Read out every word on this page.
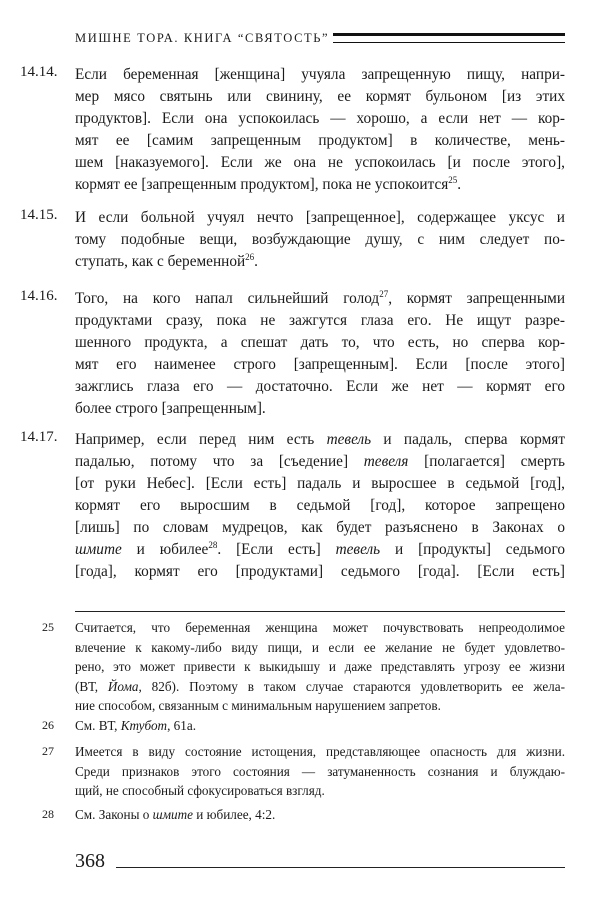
МИШНЕ ТОРА. КНИГА “СВЯТОСТЬ”
14.14. Если беременная [женщина] учуяла запрещенную пищу, напри-
мер мясо святынь или свинину, ее кормят бульоном [из этих
продуктов]. Если она успокоилась — хорошо, а если нет — кор-
мят ее [самим запрещенным продуктом] в количестве, мень-
шем [наказуемого]. Если же она не успокоилась [и после этого],
кормят ее [запрещенным продуктом], пока не успокоится$^{25}$.
14.15. И если больной учуял нечто [запрещенное], содержащее уксус и
тому подобные вещи, возбуждающие душу, с ним следует по-
ступать, как с беременной$^{26}$.
14.16. Того, на кого напал сильнейший голод$^{27}$, кормят запрещенными
продуктами сразу, пока не зажгутся глаза его. Не ищут разре-
шенного продукта, а спешат дать то, что есть, но сперва кор-
мят его наименее строго [запрещенным]. Если [после этого]
зажглись глаза его — достаточно. Если же нет — кормят его
более строго [запрещенным].
14.17. Например, если перед ним есть тевель и падаль, сперва кормят
падалью, потому что за [съедение] тевеля [полагается] смерть
[от руки Небес]. [Если есть] падаль и выросшее в седьмой [год],
кормят его выросшим в седьмой [год], которое запрещено
[лишь] по словам мудрецов, как будет разъяснено в Законах о
шмите и юбилее$^{28}$. [Если есть] тевель и [продукты] седьмого
[года], кормят его [продуктами] седьмого [года]. [Если есть]
25 Считается, что беременная женщина может почувствовать непреодолимое
влечение к какому-либо виду пищи, и если ее желание не будет удовлетво-
рено, это может привести к выкидышу и даже представлять угрозу ее жизни
(ВТ, Йома, 82б). Поэтому в таком случае стараются удовлетворить ее жела-
ние способом, связанным с минимальным нарушением запретов.
26 См. ВТ, Ктубот, 61а.
27 Имеется в виду состояние истощения, представляющее опасность для жизни.
Среди признаков этого состояния — затуманенность сознания и блуждаю-
щий, не способный сфокусироваться взгляд.
28 См. Законы о шмите и юбилее, 4:2.
368
